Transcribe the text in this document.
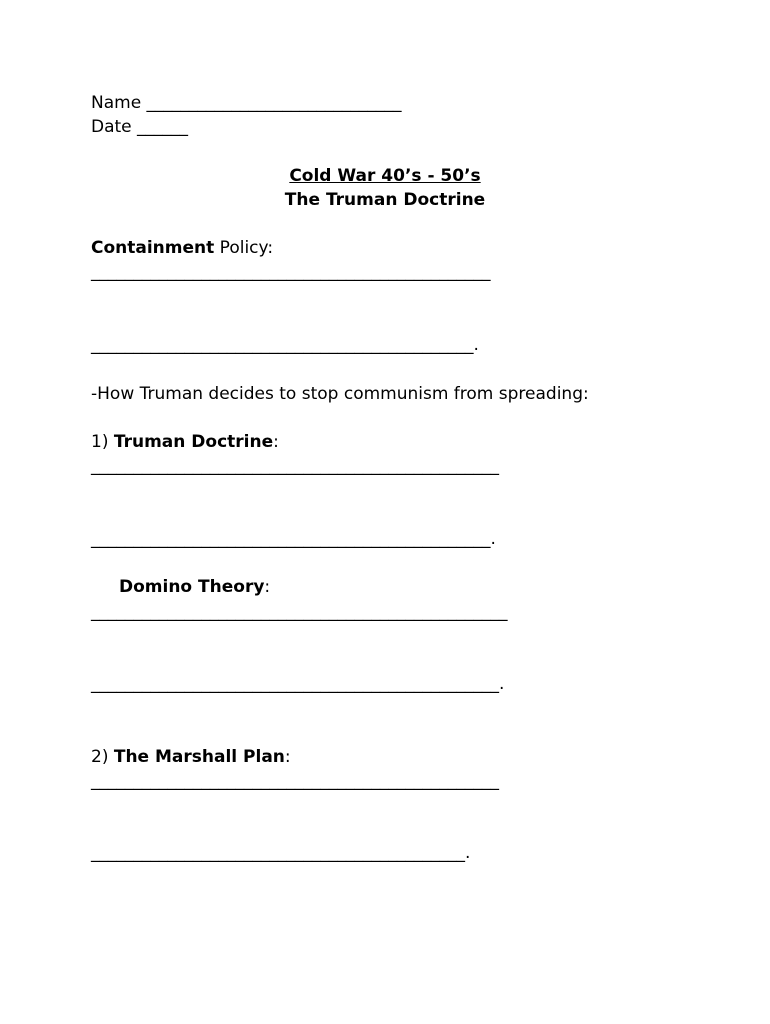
Name ______________________________
Date ______
Cold War 40’s - 50’s
The Truman Doctrine
Containment Policy:
_______________________________________________
_____________________________________________.
-How Truman decides to stop communism from spreading:
1) Truman Doctrine:
________________________________________________
_______________________________________________.
Domino Theory:
_________________________________________________
________________________________________________.
2) The Marshall Plan:
________________________________________________
____________________________________________.
